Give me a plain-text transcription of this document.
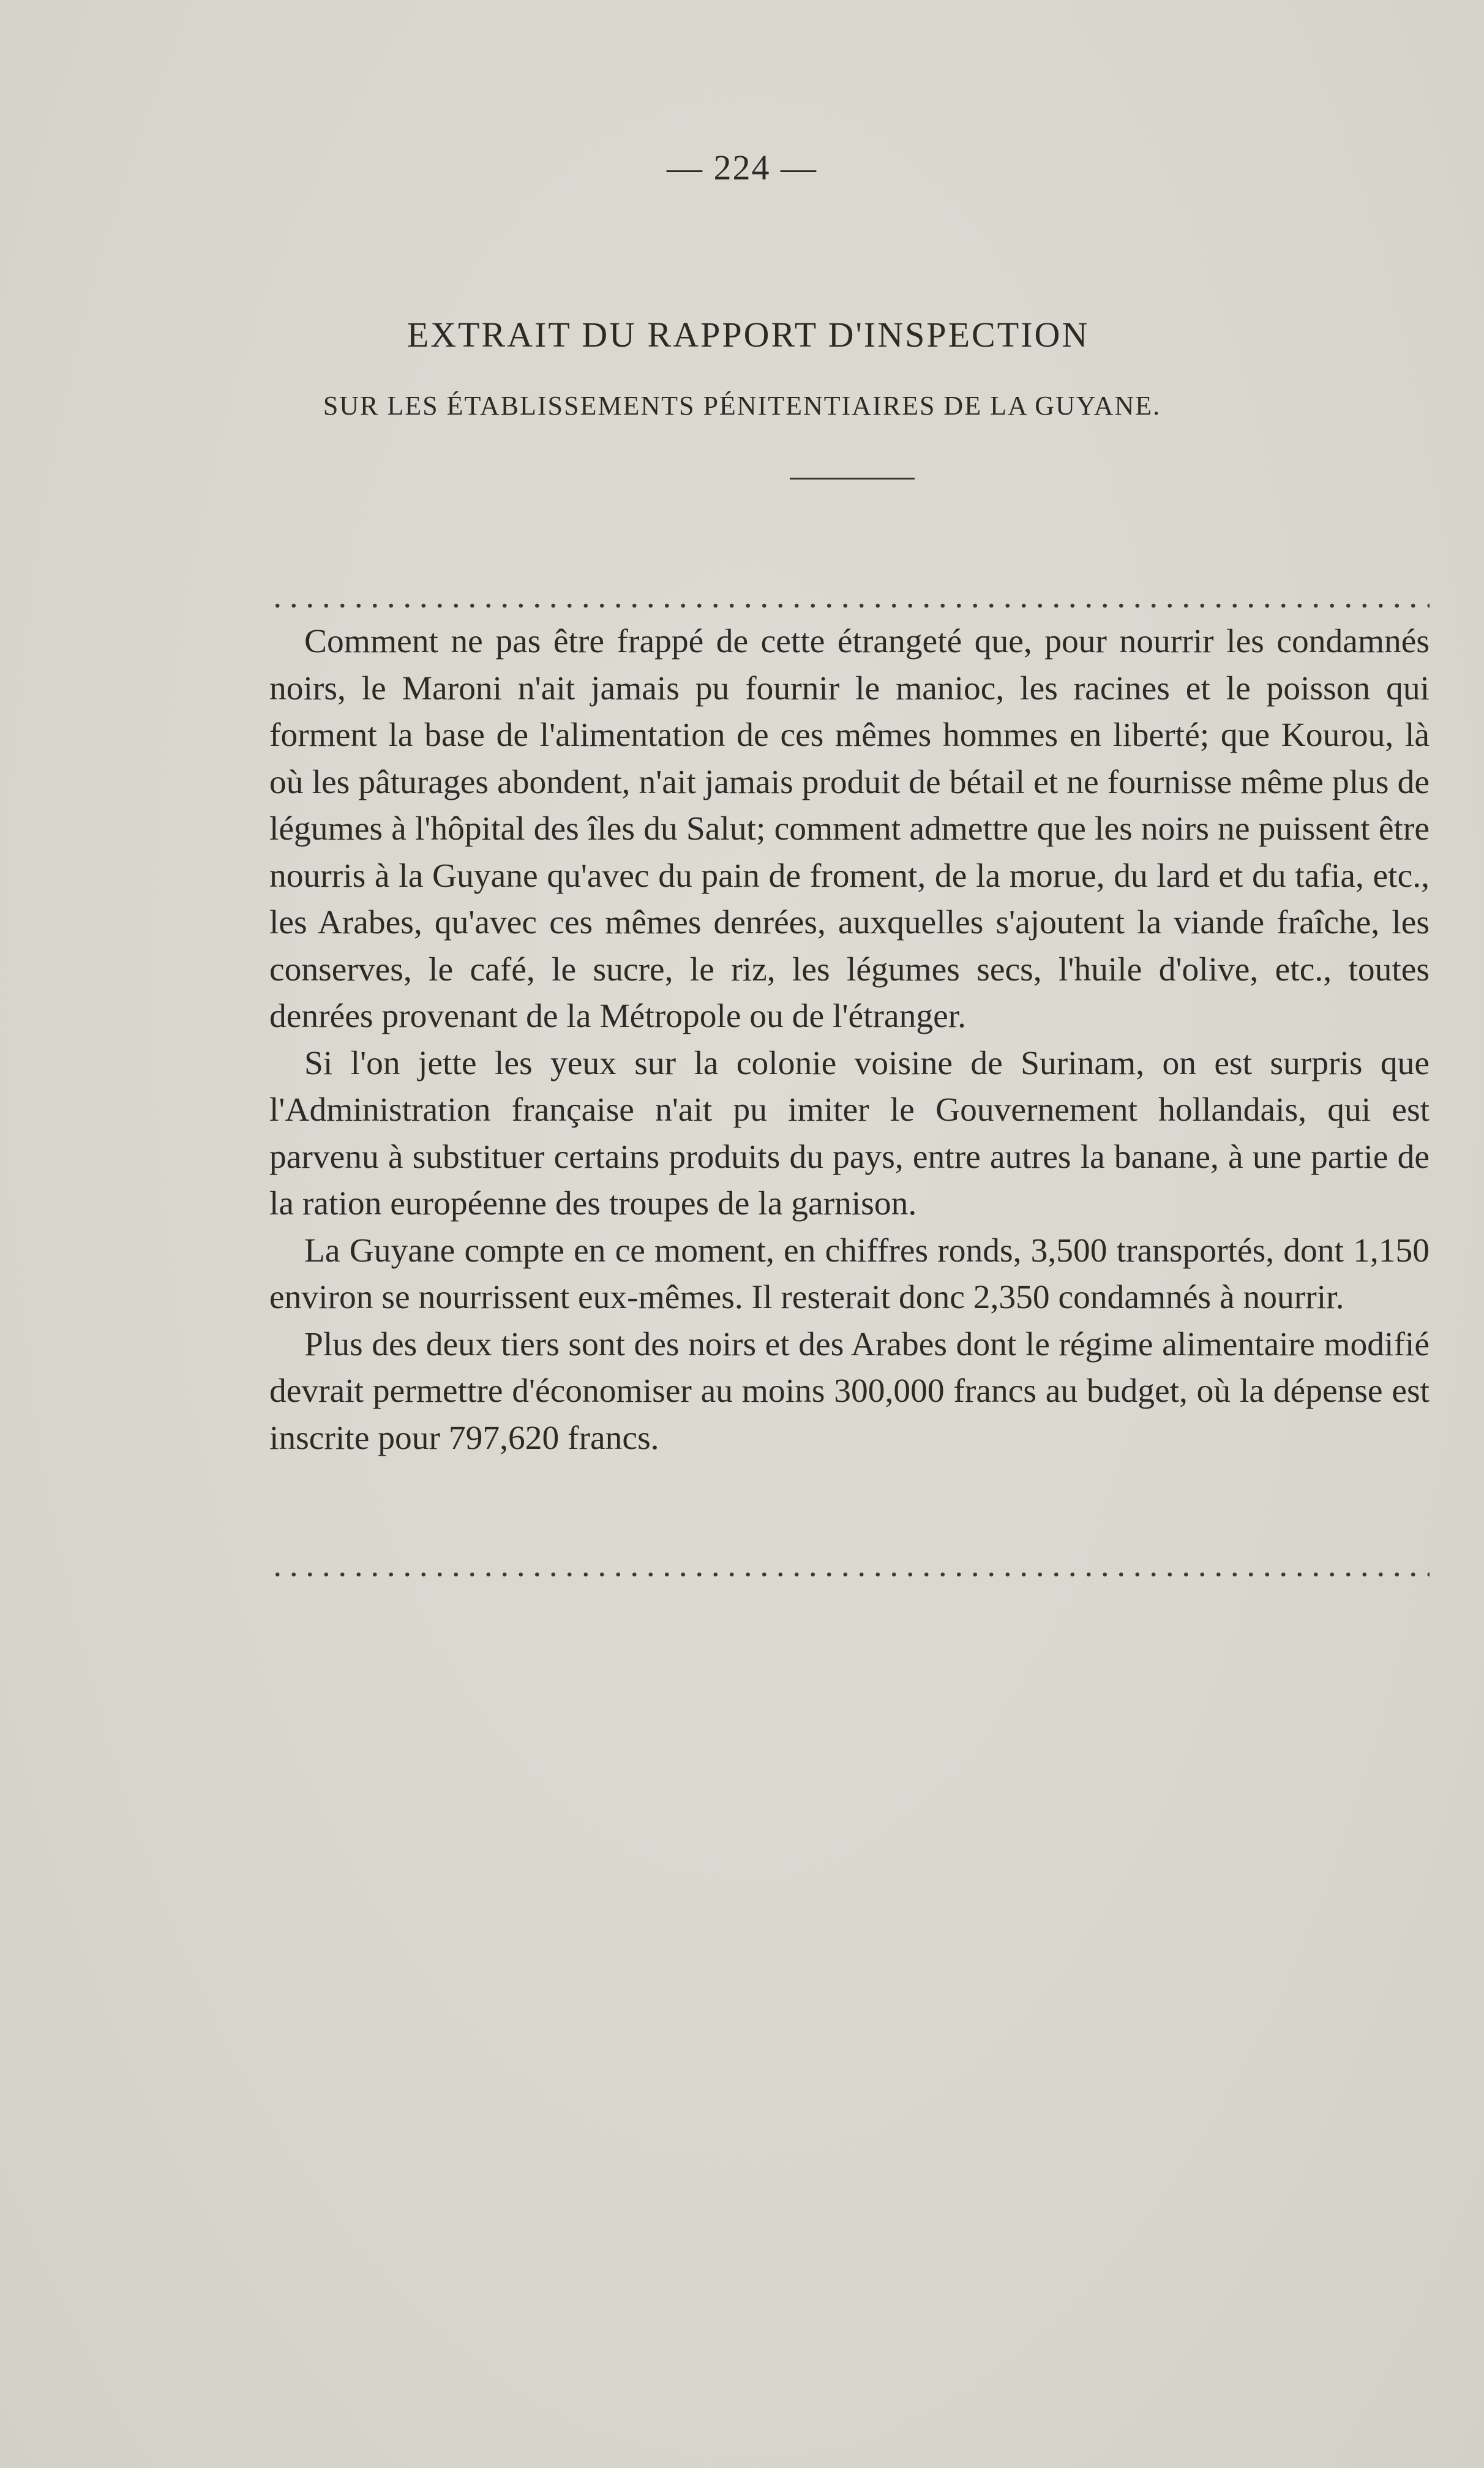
— 224 —
EXTRAIT DU RAPPORT D'INSPECTION
SUR LES ÉTABLISSEMENTS PÉNITENTIAIRES DE LA GUYANE.

Comment ne pas être frappé de cette étrangeté que, pour nourrir les condamnés noirs, le Maroni n'ait jamais pu fournir le manioc, les racines et le poisson qui forment la base de l'alimentation de ces mêmes hommes en liberté; que Kourou, là où les pâturages abondent, n'ait jamais produit de bétail et ne fournisse même plus de légumes à l'hôpital des îles du Salut; comment admettre que les noirs ne puissent être nourris à la Guyane qu'avec du pain de froment, de la morue, du lard et du tafia, etc., les Arabes, qu'avec ces mêmes denrées, auxquelles s'ajoutent la viande fraîche, les conserves, le café, le sucre, le riz, les légumes secs, l'huile d'olive, etc., toutes denrées provenant de la Métropole ou de l'étranger.

Si l'on jette les yeux sur la colonie voisine de Surinam, on est surpris que l'Administration française n'ait pu imiter le Gouvernement hollandais, qui est parvenu à substituer certains produits du pays, entre autres la banane, à une partie de la ration européenne des troupes de la garnison.

La Guyane compte en ce moment, en chiffres ronds, 3,500 transportés, dont 1,150 environ se nourrissent eux-mêmes. Il resterait donc 2,350 condamnés à nourrir.

Plus des deux tiers sont des noirs et des Arabes dont le régime alimentaire modifié devrait permettre d'économiser au moins 300,000 francs au budget, où la dépense est inscrite pour 797,620 francs.
